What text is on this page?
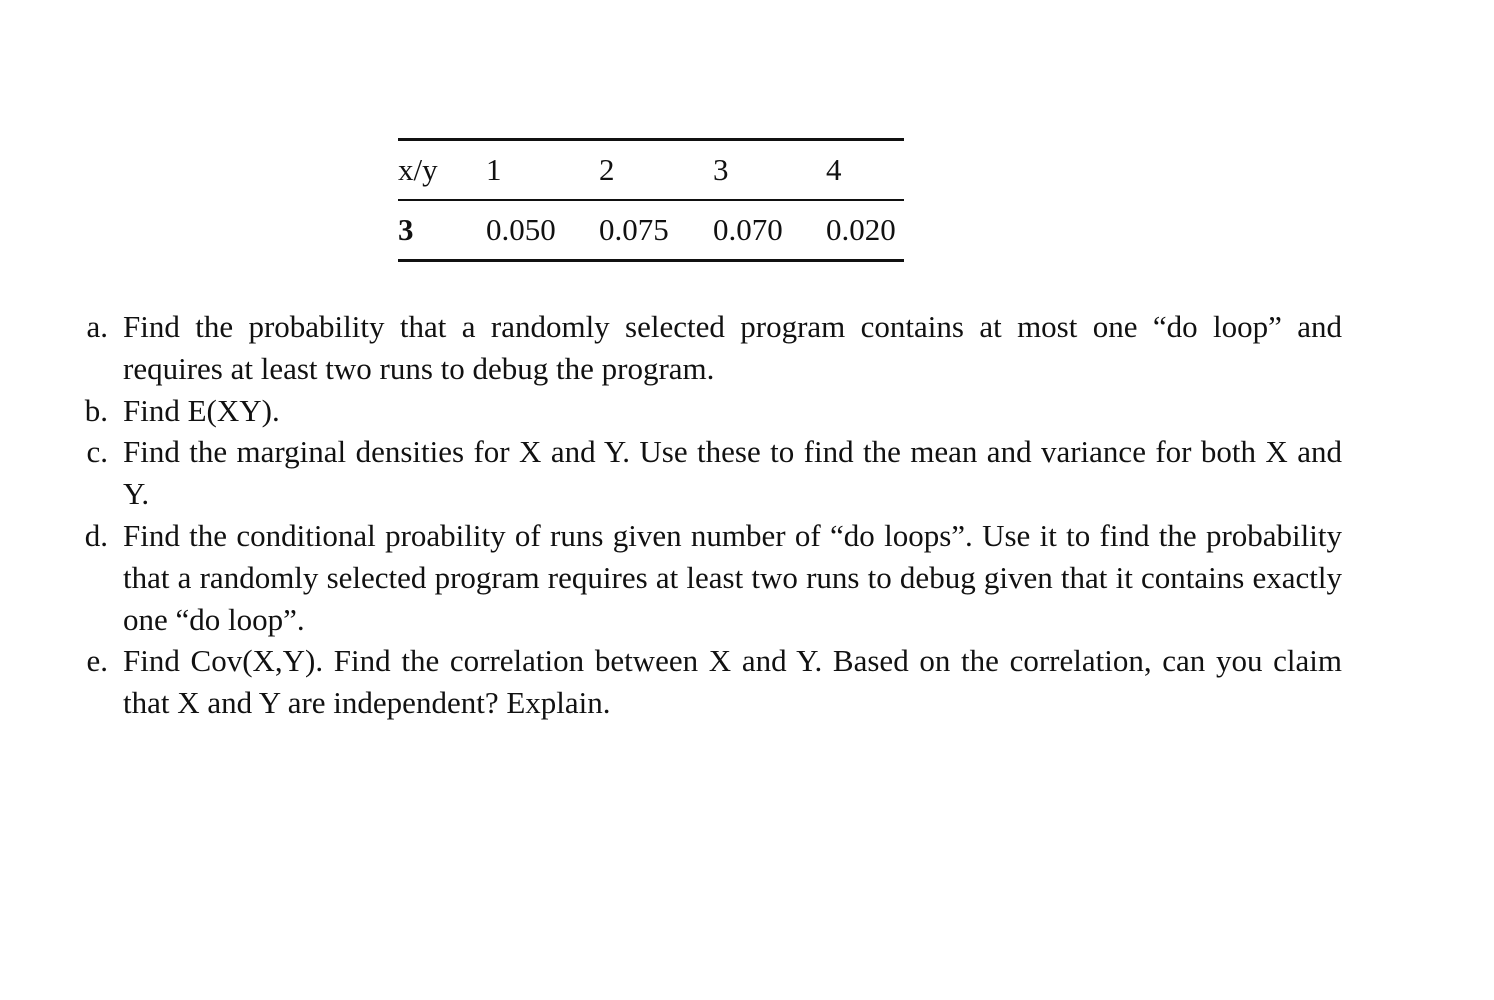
x/y	1	2	3	4
3	0.050	0.075	0.070	0.020
a. Find the probability that a randomly selected program contains at most one “do loop” and requires at least two runs to debug the program.
b. Find E(XY).
c. Find the marginal densities for X and Y. Use these to find the mean and variance for both X and Y.
d. Find the conditional proability of runs given number of “do loops”. Use it to find the probability that a randomly selected program requires at least two runs to debug given that it contains exactly one “do loop”.
e. Find Cov(X,Y). Find the correlation between X and Y. Based on the correlation, can you claim that X and Y are independent? Explain.
